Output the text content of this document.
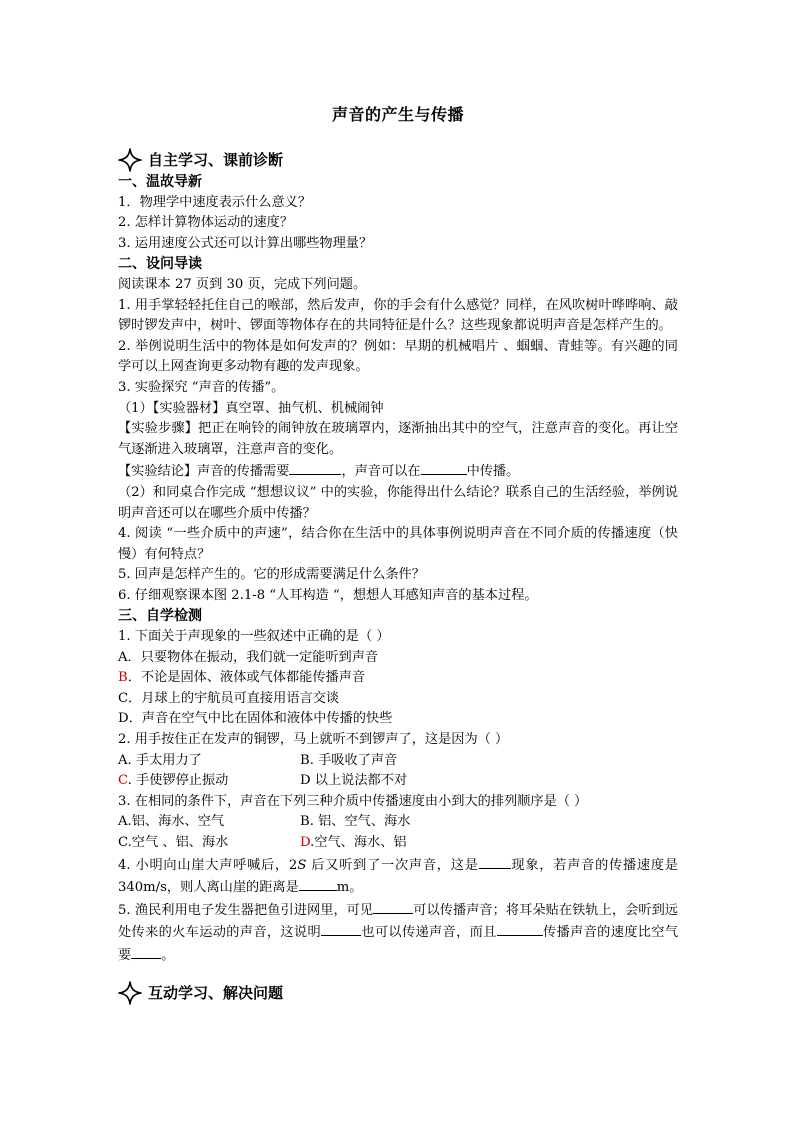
声音的产生与传播
自主学习、课前诊断
一、温故导新

1．物理学中速度表示什么意义？

2. 怎样计算物体运动的速度？

3. 运用速度公式还可以计算出哪些物理量？

二、设问导读

阅读课本 27 页到 30 页，完成下列问题。

1. 用手掌轻轻托住自己的喉部，然后发声，你的手会有什么感觉？同样，在风吹树叶哗哗响、敲锣时锣发声中，树叶、锣面等物体存在的共同特征是什么？这些现象都说明声音是怎样产生的。

2. 举例说明生活中的物体是如何发声的？例如：早期的机械唱片 、蝈蝈、青蛙等。有兴趣的同学可以上网查询更多动物有趣的发声现象。

3. 实验探究 “声音的传播”。

（1）【实验器材】真空罩、抽气机、机械闹钟

【实验步骤】把正在响铃的闹钟放在玻璃罩内，逐渐抽出其中的空气，注意声音的变化。再让空气逐渐进入玻璃罩，注意声音的变化。

【实验结论】声音的传播需要	，声音可以在	中传播。

（2）和同桌合作完成 “想想议议” 中的实验，你能得出什么结论？联系自己的生活经验，举例说明声音还可以在哪些介质中传播？

4. 阅读 “一些介质中的声速”，结合你在生活中的具体事例说明声音在不同介质的传播速度（快慢）有何特点？

5. 回声是怎样产生的。它的形成需要满足什么条件？

6. 仔细观察课本图 2.1-8 “人耳构造 “，想想人耳感知声音的基本过程。

三、自学检测

1. 下面关于声现象的一些叙述中正确的是（ ）

A．只要物体在振动，我们就一定能听到声音

B．不论是固体、液体或气体都能传播声音

C．月球上的宇航员可直接用语言交谈

D．声音在空气中比在固体和液体中传播的快些

2. 用手按住正在发声的铜锣，马上就听不到锣声了，这是因为（ ）

A. 手太用力了	B. 手吸收了声音
C. 手使锣停止振动	D 以上说法都不对

3. 在相同的条件下，声音在下列三种介质中传播速度由小到大的排列顺序是（ ）

A.铝、海水、空气	B. 铝、空气、海水
C.空气 、铝、海水	D.空气、海水、铝

4. 小明向山崖大声呼喊后，2S 后又听到了一次声音，这是 现象，若声音的传播速度是 340m/s，则人离山崖的距离是	m。

5. 渔民利用电子发生器把鱼引进网里，可见	可以传播声音；将耳朵贴在铁轨上，会听到远处传来的火车运动的声音，这说明	也可以传递声音，而且	传播声音的速度比空气要 。

互动学习、解决问题
